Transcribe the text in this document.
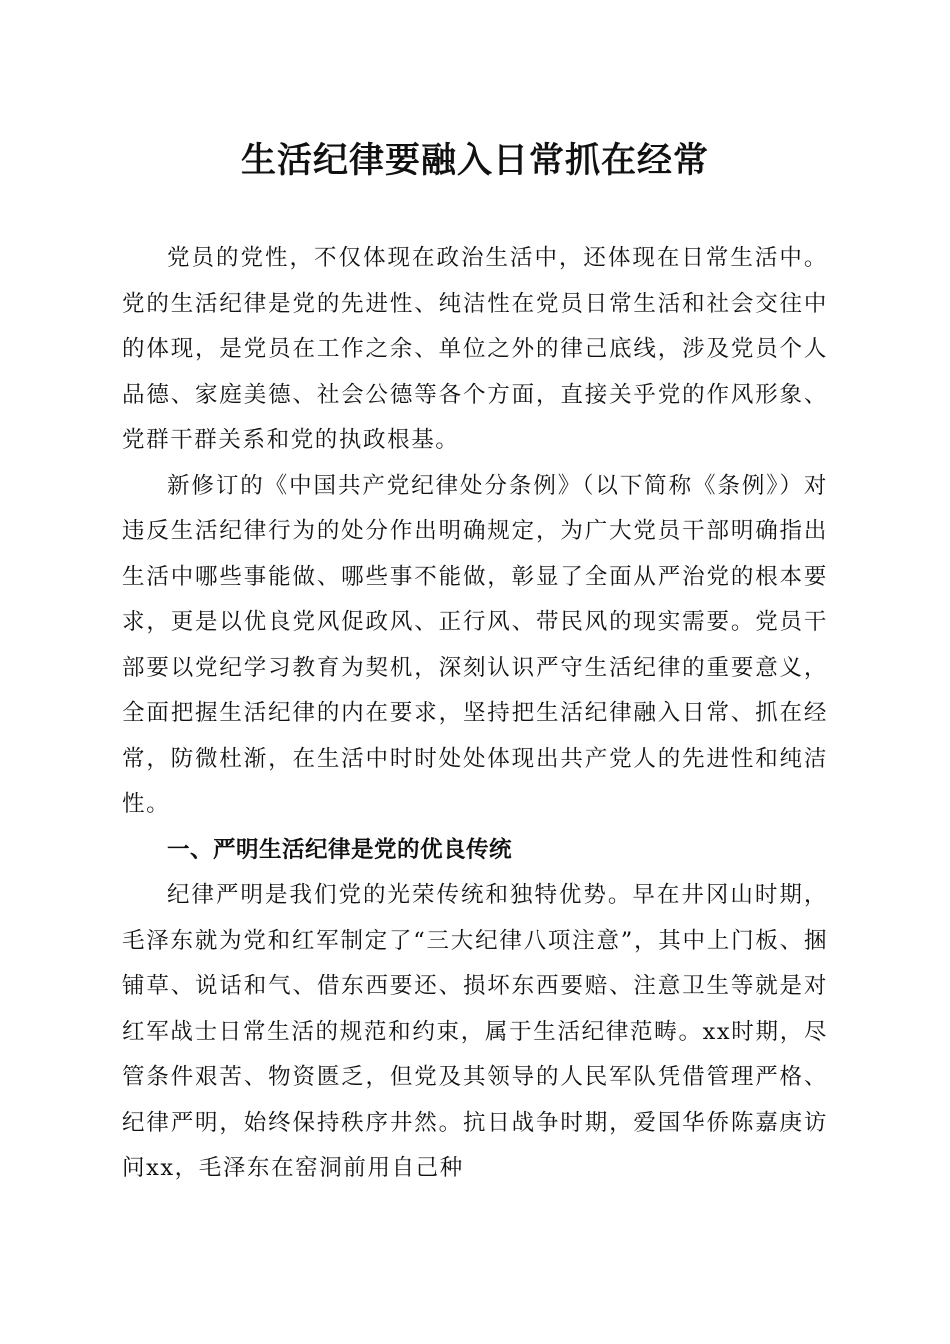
生活纪律要融入日常抓在经常

党员的党性，不仅体现在政治生活中，还体现在日常生活中。党的生活纪律是党的先进性、纯洁性在党员日常生活和社会交往中的体现，是党员在工作之余、单位之外的律己底线，涉及党员个人品德、家庭美德、社会公德等各个方面，直接关乎党的作风形象、党群干群关系和党的执政根基。

新修订的《中国共产党纪律处分条例》（以下简称《条例》）对违反生活纪律行为的处分作出明确规定，为广大党员干部明确指出生活中哪些事能做、哪些事不能做，彰显了全面从严治党的根本要求，更是以优良党风促政风、正行风、带民风的现实需要。党员干部要以党纪学习教育为契机，深刻认识严守生活纪律的重要意义，全面把握生活纪律的内在要求，坚持把生活纪律融入日常、抓在经常，防微杜渐，在生活中时时处处体现出共产党人的先进性和纯洁性。

一、严明生活纪律是党的优良传统

纪律严明是我们党的光荣传统和独特优势。早在井冈山时期，毛泽东就为党和红军制定了“三大纪律八项注意”，其中上门板、捆铺草、说话和气、借东西要还、损坏东西要赔、注意卫生等就是对红军战士日常生活的规范和约束，属于生活纪律范畴。xx时期，尽管条件艰苦、物资匮乏，但党及其领导的人民军队凭借管理严格、纪律严明，始终保持秩序井然。抗日战争时期，爱国华侨陈嘉庚访问xx，毛泽东在窑洞前用自己种
